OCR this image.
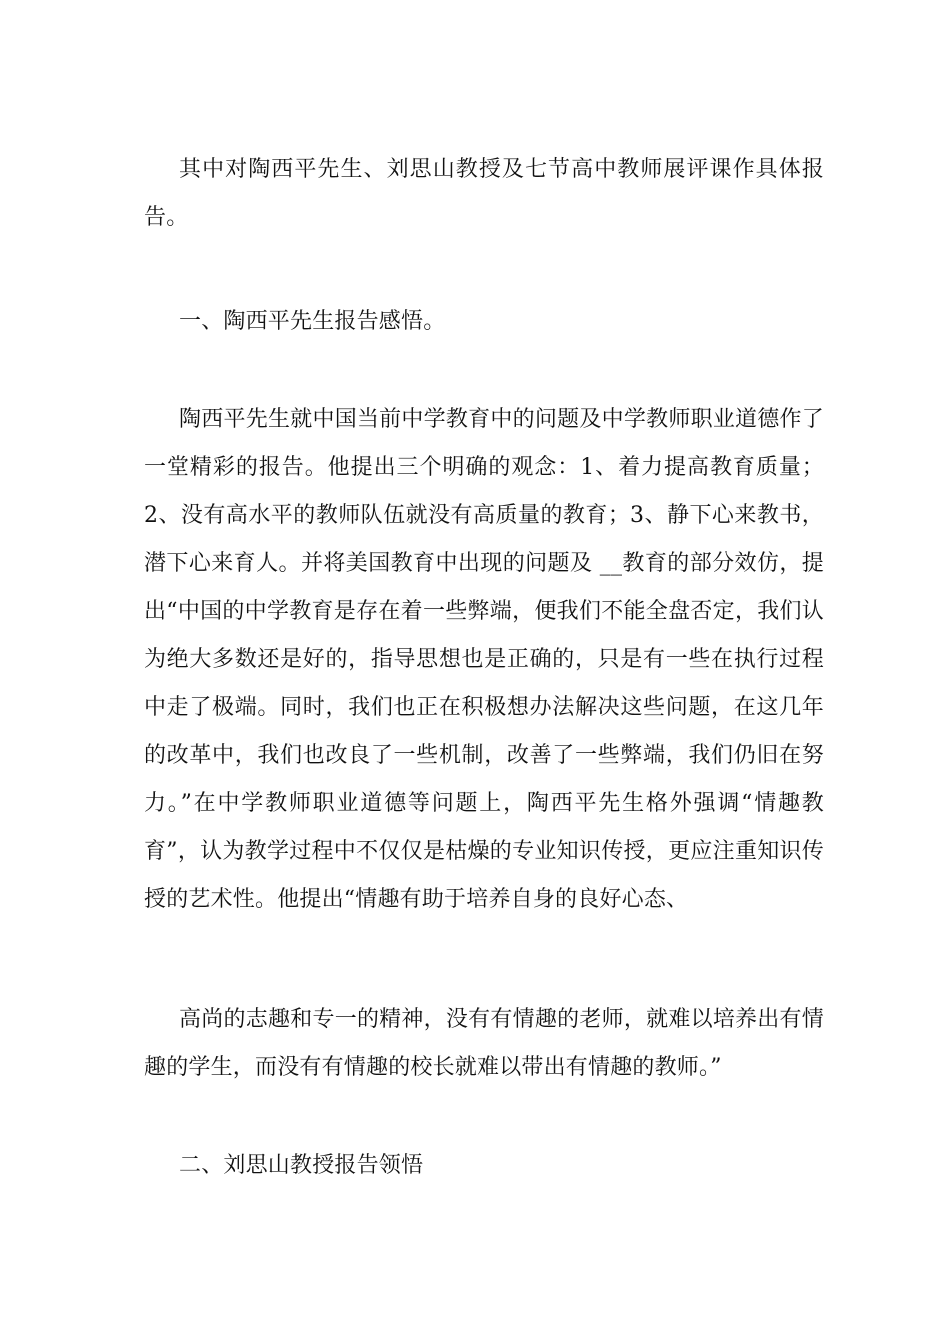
其中对陶西平先生、刘思山教授及七节高中教师展评课作具体报告。

一、陶西平先生报告感悟。

陶西平先生就中国当前中学教育中的问题及中学教师职业道德作了一堂精彩的报告。他提出三个明确的观念：1、着力提高教育质量；2、没有高水平的教师队伍就没有高质量的教育；3、静下心来教书，潜下心来育人。并将美国教育中出现的问题及 __教育的部分效仿，提出“中国的中学教育是存在着一些弊端，便我们不能全盘否定，我们认为绝大多数还是好的，指导思想也是正确的，只是有一些在执行过程中走了极端。同时，我们也正在积极想办法解决这些问题，在这几年的改革中，我们也改良了一些机制，改善了一些弊端，我们仍旧在努力。”在中学教师职业道德等问题上，陶西平先生格外强调“情趣教育”，认为教学过程中不仅仅是枯燥的专业知识传授，更应注重知识传授的艺术性。他提出“情趣有助于培养自身的良好心态、

高尚的志趣和专一的精神，没有有情趣的老师，就难以培养出有情趣的学生，而没有有情趣的校长就难以带出有情趣的教师。”

二、刘思山教授报告领悟
